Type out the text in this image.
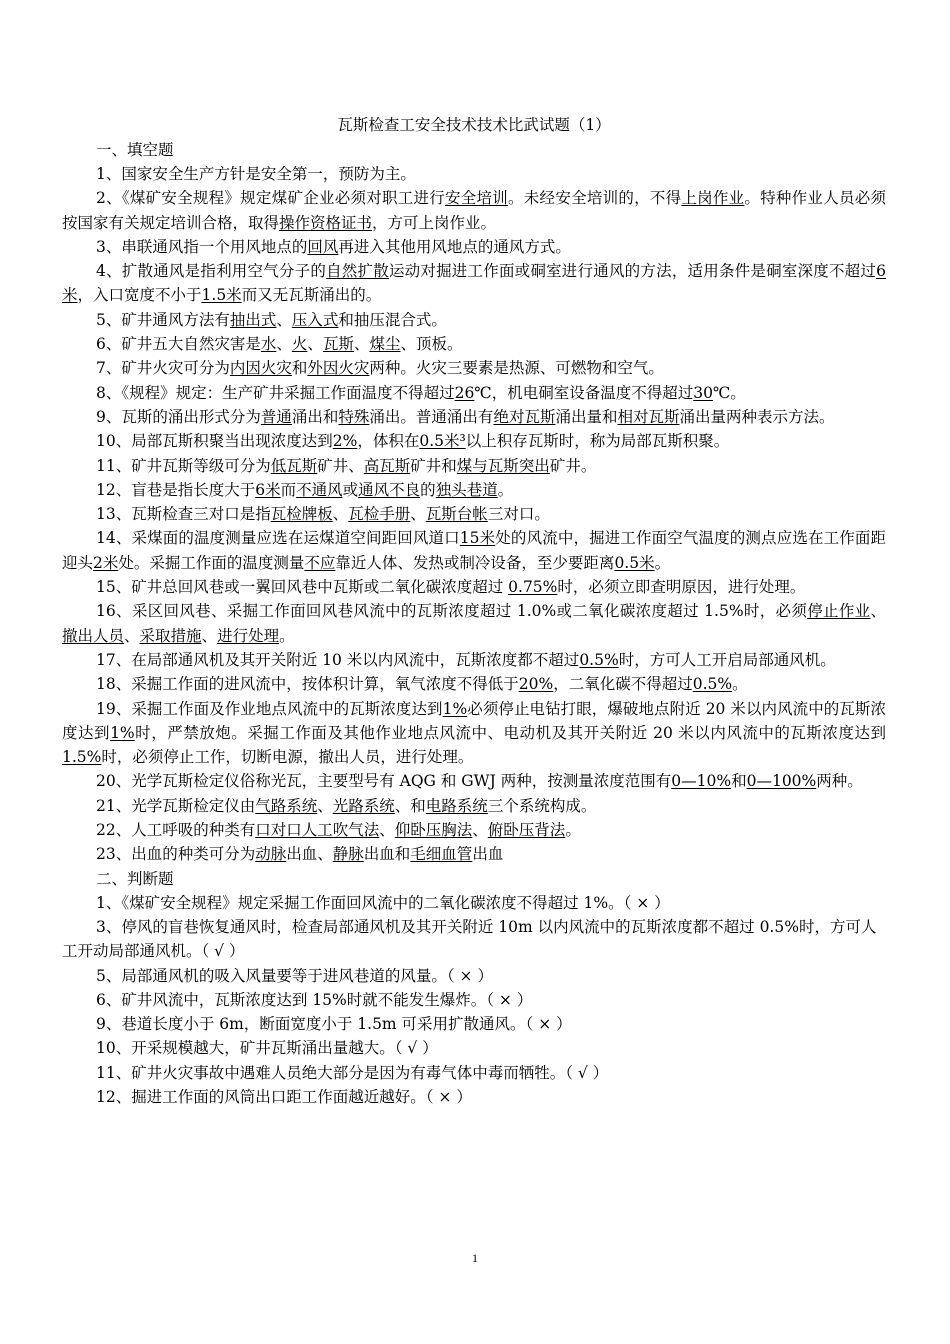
瓦斯检查工安全技术技术比武试题（1）
一、填空题
1、国家安全生产方针是安全第一，预防为主。
2、《煤矿安全规程》规定煤矿企业必须对职工进行安全培训。未经安全培训的，不得上岗作业。特种作业人员必须按国家有关规定培训合格，取得操作资格证书，方可上岗作业。
3、串联通风指一个用风地点的回风再进入其他用风地点的通风方式。
4、扩散通风是指利用空气分子的自然扩散运动对掘进工作面或硐室进行通风的方法，适用条件是硐室深度不超过6米，入口宽度不小于1.5米而又无瓦斯涌出的。
5、矿井通风方法有抽出式、压入式和抽压混合式。
6、矿井五大自然灾害是水、火、瓦斯、煤尘、顶板。
7、矿井火灾可分为内因火灾和外因火灾两种。火灾三要素是热源、可燃物和空气。
8、《规程》规定：生产矿井采掘工作面温度不得超过26℃，机电硐室设备温度不得超过30℃。
9、瓦斯的涌出形式分为普通涌出和特殊涌出。普通涌出有绝对瓦斯涌出量和相对瓦斯涌出量两种表示方法。
10、局部瓦斯积聚当出现浓度达到2%，体积在0.5米³以上积存瓦斯时，称为局部瓦斯积聚。
11、矿井瓦斯等级可分为低瓦斯矿井、高瓦斯矿井和煤与瓦斯突出矿井。
12、盲巷是指长度大于6米而不通风或通风不良的独头巷道。
13、瓦斯检查三对口是指瓦检牌板、瓦检手册、瓦斯台帐三对口。
14、采煤面的温度测量应选在运煤道空间距回风道口15米处的风流中，掘进工作面空气温度的测点应选在工作面距迎头2米处。采掘工作面的温度测量不应靠近人体、发热或制冷设备，至少要距离0.5米。
15、矿井总回风巷或一翼回风巷中瓦斯或二氧化碳浓度超过 0.75%时，必须立即查明原因，进行处理。
16、采区回风巷、采掘工作面回风巷风流中的瓦斯浓度超过 1.0%或二氧化碳浓度超过 1.5%时，必须停止作业、撤出人员、采取措施、进行处理。
17、在局部通风机及其开关附近 10 米以内风流中，瓦斯浓度都不超过0.5%时，方可人工开启局部通风机。
18、采掘工作面的进风流中，按体积计算，氧气浓度不得低于20%，二氧化碳不得超过0.5%。
19、采掘工作面及作业地点风流中的瓦斯浓度达到1%必须停止电钻打眼，爆破地点附近 20 米以内风流中的瓦斯浓度达到1%时，严禁放炮。采掘工作面及其他作业地点风流中、电动机及其开关附近 20 米以内风流中的瓦斯浓度达到1.5%时，必须停止工作，切断电源，撤出人员，进行处理。
20、光学瓦斯检定仪俗称光瓦，主要型号有 AQG 和 GWJ 两种，按测量浓度范围有0—10%和0—100%两种。
21、光学瓦斯检定仪由气路系统、光路系统、和电路系统三个系统构成。
22、人工呼吸的种类有口对口人工吹气法、仰卧压胸法、俯卧压背法。
23、出血的种类可分为动脉出血、静脉出血和毛细血管出血
二、判断题
1、《煤矿安全规程》规定采掘工作面回风流中的二氧化碳浓度不得超过 1%。（ × ）
3、停风的盲巷恢复通风时，检查局部通风机及其开关附近 10m 以内风流中的瓦斯浓度都不超过 0.5%时，方可人工开动局部通风机。（ √ ）
5、局部通风机的吸入风量要等于进风巷道的风量。（ × ）
6、矿井风流中，瓦斯浓度达到 15%时就不能发生爆炸。（ × ）
9、巷道长度小于 6m，断面宽度小于 1.5m 可采用扩散通风。（ × ）
10、开采规模越大，矿井瓦斯涌出量越大。（ √ ）
11、矿井火灾事故中遇难人员绝大部分是因为有毒气体中毒而牺牲。（ √ ）
12、掘进工作面的风筒出口距工作面越近越好。（ × ）
1
